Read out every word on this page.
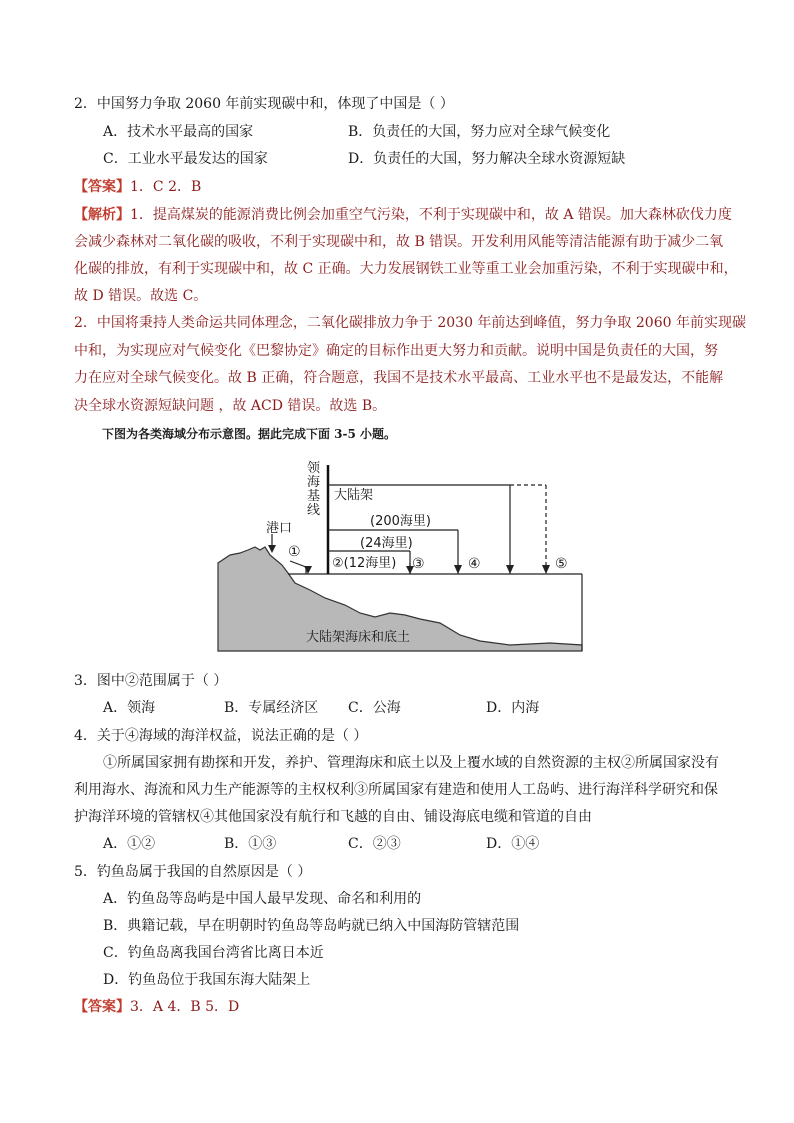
2．中国努力争取 2060 年前实现碳中和，体现了中国是（ ）
A．技术水平最高的国家	B．负责任的大国，努力应对全球气候变化
C．工业水平最发达的国家	D．负责任的大国，努力解决全球水资源短缺
【答案】1．C 2．B
【解析】1．提高煤炭的能源消费比例会加重空气污染，不利于实现碳中和，故 A 错误。加大森林砍伐力度
会减少森林对二氧化碳的吸收，不利于实现碳中和，故 B 错误。开发利用风能等清洁能源有助于减少二氧
化碳的排放，有利于实现碳中和，故 C 正确。大力发展钢铁工业等重工业会加重污染，不利于实现碳中和，
故 D 错误。故选 C。
2．中国将秉持人类命运共同体理念，二氧化碳排放力争于 2030 年前达到峰值，努力争取 2060 年前实现碳
中和，为实现应对气候变化《巴黎协定》确定的目标作出更大努力和贡献。说明中国是负责任的大国，努
力在应对全球气候变化。故 B 正确，符合题意，我国不是技术水平最高、工业水平也不是最发达，不能解
决全球水资源短缺问题 ，故 ACD 错误。故选 B。
下图为各类海域分布示意图。据此完成下面 3-5 小题。
领
海
基
线
大陆架
(200海里)
(24海里)
②(12海里)
港口
①
③	④	⑤
大陆架海床和底土
3．图中②范围属于（ ）
A．领海	B．专属经济区 C．公海	D．内海
4．关于④海域的海洋权益，说法正确的是（ ）
①所属国家拥有勘探和开发，养护、管理海床和底土以及上覆水域的自然资源的主权②所属国家没有
利用海水、海流和风力生产能源等的主权权利③所属国家有建造和使用人工岛屿、进行海洋科学研究和保
护海洋环境的管辖权④其他国家没有航行和飞越的自由、铺设海底电缆和管道的自由
A．①②	B．①③	C．②③	D．①④
5．钓鱼岛属于我国的自然原因是（ ）
A．钓鱼岛等岛屿是中国人最早发现、命名和利用的
B．典籍记载，早在明朝时钓鱼岛等岛屿就已纳入中国海防管辖范围
C．钓鱼岛离我国台湾省比离日本近
D．钓鱼岛位于我国东海大陆架上
【答案】3．A 4．B 5．D
